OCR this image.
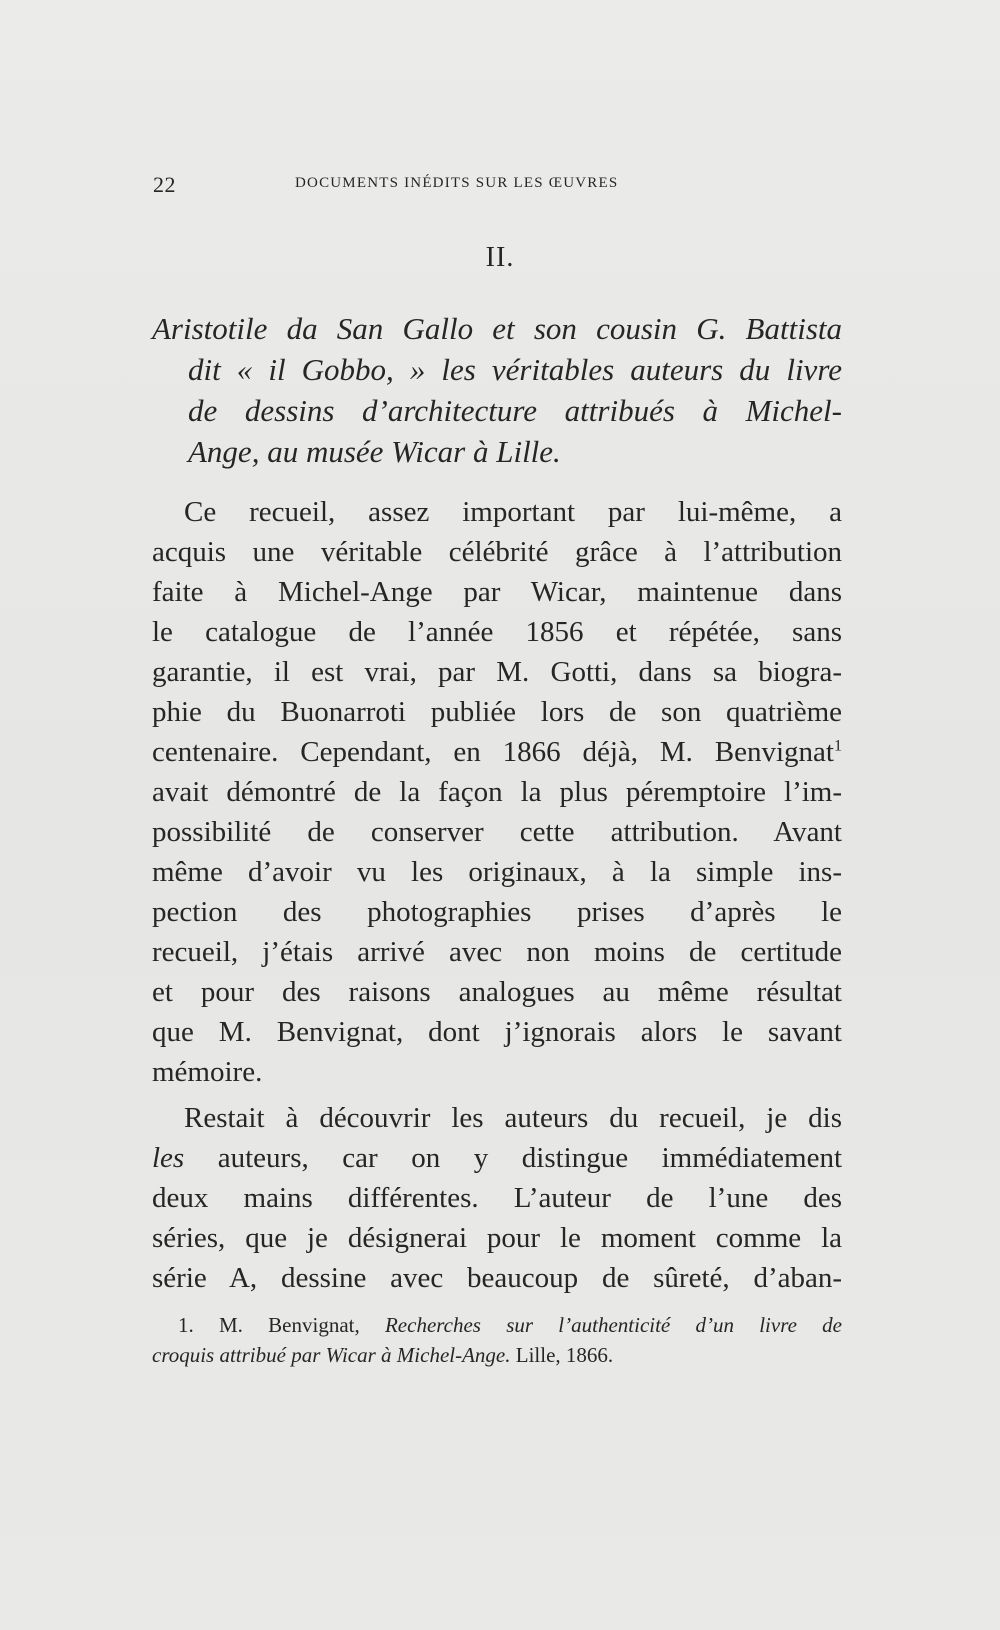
22	DOCUMENTS INÉDITS SUR LES ŒUVRES
II.
Aristotile da San Gallo et son cousin G. Battista
dit « il Gobbo, » les véritables auteurs du livre
de dessins d’architecture attribués à Michel-
Ange, au musée Wicar à Lille.
Ce recueil, assez important par lui-même, a
acquis une véritable célébrité grâce à l’attribution
faite à Michel-Ange par Wicar, maintenue dans
le catalogue de l’année 1856 et répétée, sans
garantie, il est vrai, par M. Gotti, dans sa biogra-
phie du Buonarroti publiée lors de son quatrième
centenaire. Cependant, en 1866 déjà, M. Benvignat$^1$
avait démontré de la façon la plus péremptoire l’im-
possibilité de conserver cette attribution. Avant
même d’avoir vu les originaux, à la simple ins-
pection des photographies prises d’après le
recueil, j’étais arrivé avec non moins de certitude
et pour des raisons analogues au même résultat
que M. Benvignat, dont j’ignorais alors le savant
mémoire.
Restait à découvrir les auteurs du recueil, je dis
les auteurs, car on y distingue immédiatement
deux mains différentes. L’auteur de l’une des
séries, que je désignerai pour le moment comme la
série A, dessine avec beaucoup de sûreté, d’aban-
1. M. Benvignat, Recherches sur l’authenticité d’un livre de
croquis attribué par Wicar à Michel-Ange. Lille, 1866.
